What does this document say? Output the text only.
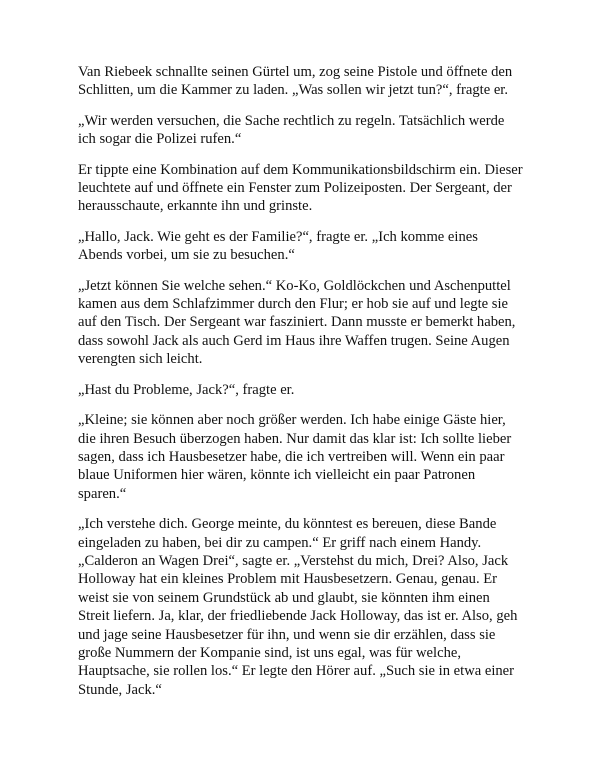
Van Riebeek schnallte seinen Gürtel um, zog seine Pistole und öffnete den
Schlitten, um die Kammer zu laden. „Was sollen wir jetzt tun?“, fragte er.

„Wir werden versuchen, die Sache rechtlich zu regeln. Tatsächlich werde
ich sogar die Polizei rufen.“

Er tippte eine Kombination auf dem Kommunikationsbildschirm ein. Dieser
leuchtete auf und öffnete ein Fenster zum Polizeiposten. Der Sergeant, der
herausschaute, erkannte ihn und grinste.

„Hallo, Jack. Wie geht es der Familie?“, fragte er. „Ich komme eines
Abends vorbei, um sie zu besuchen.“

„Jetzt können Sie welche sehen.“ Ko-Ko, Goldlöckchen und Aschenputtel
kamen aus dem Schlafzimmer durch den Flur; er hob sie auf und legte sie
auf den Tisch. Der Sergeant war fasziniert. Dann musste er bemerkt haben,
dass sowohl Jack als auch Gerd im Haus ihre Waffen trugen. Seine Augen
verengten sich leicht.

„Hast du Probleme, Jack?“, fragte er.

„Kleine; sie können aber noch größer werden. Ich habe einige Gäste hier,
die ihren Besuch überzogen haben. Nur damit das klar ist: Ich sollte lieber
sagen, dass ich Hausbesetzer habe, die ich vertreiben will. Wenn ein paar
blaue Uniformen hier wären, könnte ich vielleicht ein paar Patronen
sparen.“

„Ich verstehe dich. George meinte, du könntest es bereuen, diese Bande
eingeladen zu haben, bei dir zu campen.“ Er griff nach einem Handy.
„Calderon an Wagen Drei“, sagte er. „Verstehst du mich, Drei? Also, Jack
Holloway hat ein kleines Problem mit Hausbesetzern. Genau, genau. Er
weist sie von seinem Grundstück ab und glaubt, sie könnten ihm einen
Streit liefern. Ja, klar, der friedliebende Jack Holloway, das ist er. Also, geh
und jage seine Hausbesetzer für ihn, und wenn sie dir erzählen, dass sie
große Nummern der Kompanie sind, ist uns egal, was für welche,
Hauptsache, sie rollen los.“ Er legte den Hörer auf. „Such sie in etwa einer
Stunde, Jack.“
